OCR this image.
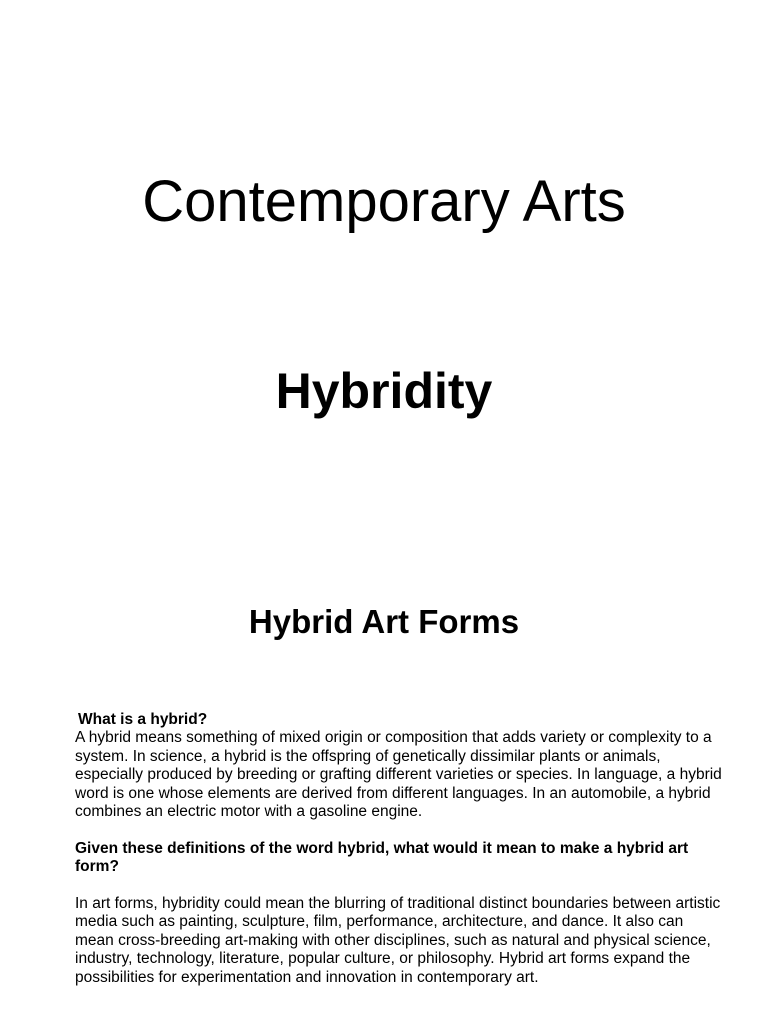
Contemporary Arts
Hybridity
Hybrid Art Forms

What is a hybrid?

A hybrid means something of mixed origin or composition that adds variety or complexity to a system. In science, a hybrid is the offspring of genetically dissimilar plants or animals, especially produced by breeding or grafting different varieties or species. In language, a hybrid word is one whose elements are derived from different languages. In an automobile, a hybrid combines an electric motor with a gasoline engine.

Given these definitions of the word hybrid, what would it mean to make a hybrid art form?

In art forms, hybridity could mean the blurring of traditional distinct boundaries between artistic media such as painting, sculpture, film, performance, architecture, and dance. It also can mean cross-breeding art-making with other disciplines, such as natural and physical science, industry, technology, literature, popular culture, or philosophy. Hybrid art forms expand the possibilities for experimentation and innovation in contemporary art.
